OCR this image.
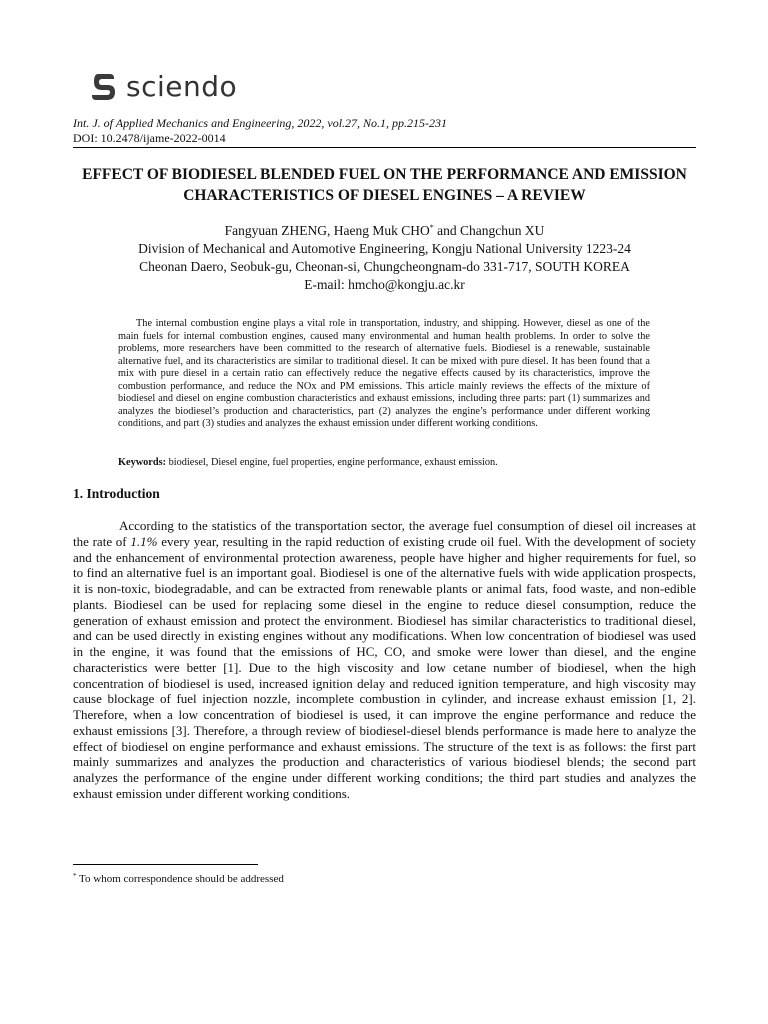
sciendo
Int. J. of Applied Mechanics and Engineering, 2022, vol.27, No.1, pp.215-231
DOI: 10.2478/ijame-2022-0014
EFFECT OF BIODIESEL BLENDED FUEL ON THE PERFORMANCE AND EMISSION CHARACTERISTICS OF DIESEL ENGINES – A REVIEW
Fangyuan ZHENG, Haeng Muk CHO* and Changchun XU
Division of Mechanical and Automotive Engineering, Kongju National University 1223-24
Cheonan Daero, Seobuk-gu, Cheonan-si, Chungcheongnam-do 331-717, SOUTH KOREA
E-mail: hmcho@kongju.ac.kr

The internal combustion engine plays a vital role in transportation, industry, and shipping. However, diesel as one of the main fuels for internal combustion engines, caused many environmental and human health problems. In order to solve the problems, more researchers have been committed to the research of alternative fuels. Biodiesel is a renewable, sustainable alternative fuel, and its characteristics are similar to traditional diesel. It can be mixed with pure diesel. It has been found that a mix with pure diesel in a certain ratio can effectively reduce the negative effects caused by its characteristics, improve the combustion performance, and reduce the NOx and PM emissions. This article mainly reviews the effects of the mixture of biodiesel and diesel on engine combustion characteristics and exhaust emissions, including three parts: part (1) summarizes and analyzes the biodiesel’s production and characteristics, part (2) analyzes the engine’s performance under different working conditions, and part (3) studies and analyzes the exhaust emission under different working conditions.

Keywords: biodiesel, Diesel engine, fuel properties, engine performance, exhaust emission.
1. Introduction

According to the statistics of the transportation sector, the average fuel consumption of diesel oil increases at the rate of 1.1% every year, resulting in the rapid reduction of existing crude oil fuel. With the development of society and the enhancement of environmental protection awareness, people have higher and higher requirements for fuel, so to find an alternative fuel is an important goal. Biodiesel is one of the alternative fuels with wide application prospects, it is non-toxic, biodegradable, and can be extracted from renewable plants or animal fats, food waste, and non-edible plants. Biodiesel can be used for replacing some diesel in the engine to reduce diesel consumption, reduce the generation of exhaust emission and protect the environment. Biodiesel has similar characteristics to traditional diesel, and can be used directly in existing engines without any modifications. When low concentration of biodiesel was used in the engine, it was found that the emissions of HC, CO, and smoke were lower than diesel, and the engine characteristics were better [1]. Due to the high viscosity and low cetane number of biodiesel, when the high concentration of biodiesel is used, increased ignition delay and reduced ignition temperature, and high viscosity may cause blockage of fuel injection nozzle, incomplete combustion in cylinder, and increase exhaust emission [1, 2]. Therefore, when a low concentration of biodiesel is used, it can improve the engine performance and reduce the exhaust emissions [3]. Therefore, a through review of biodiesel-diesel blends performance is made here to analyze the effect of biodiesel on engine performance and exhaust emissions. The structure of the text is as follows: the first part mainly summarizes and analyzes the production and characteristics of various biodiesel blends; the second part analyzes the performance of the engine under different working conditions; the third part studies and analyzes the exhaust emission under different working conditions.

* To whom correspondence should be addressed
